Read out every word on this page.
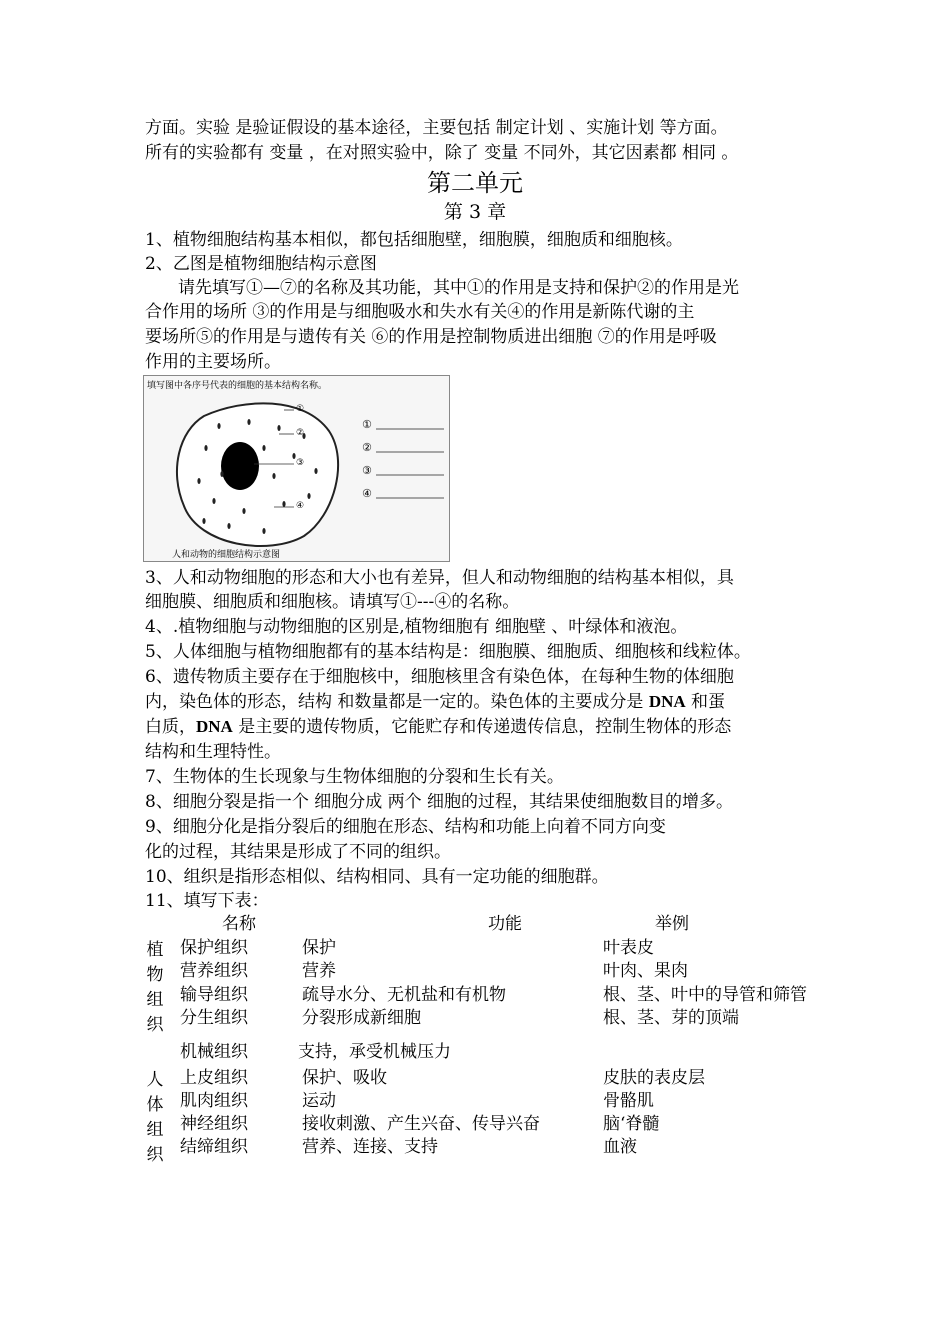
方面。实验 是验证假设的基本途径，主要包括 制定计划 、实施计划 等方面。
所有的实验都有 变量 ，在对照实验中，除了 变量 不同外，其它因素都 相同 。
第二单元
第 3 章
1、植物细胞结构基本相似，都包括细胞壁，细胞膜，细胞质和细胞核。
2、乙图是植物细胞结构示意图
请先填写①—⑦的名称及其功能，其中①的作用是支持和保护②的作用是光
合作用的场所 ③的作用是与细胞吸水和失水有关④的作用是新陈代谢的主
要场所⑤的作用是与遗传有关 ⑥的作用是控制物质进出细胞 ⑦的作用是呼吸
作用的主要场所。
填写图中各序号代表的细胞的基本结构名称。
①
②
③
④
①
②
③
④
人和动物的细胞结构示意图
3、人和动物细胞的形态和大小也有差异，但人和动物细胞的结构基本相似，具
细胞膜、细胞质和细胞核。请填写①---④的名称。
4、.植物细胞与动物细胞的区别是,植物细胞有 细胞壁 、叶绿体和液泡。
5、人体细胞与植物细胞都有的基本结构是：细胞膜、细胞质、细胞核和线粒体。
6、遗传物质主要存在于细胞核中，细胞核里含有染色体，在每种生物的体细胞
内，染色体的形态，结构 和数量都是一定的。染色体的主要成分是 DNA 和蛋
白质，DNA 是主要的遗传物质，它能贮存和传递遗传信息，控制生物体的形态
结构和生理特性。
7、生物体的生长现象与生物体细胞的分裂和生长有关。
8、细胞分裂是指一个 细胞分成 两个 细胞的过程，其结果使细胞数目的增多。
9、细胞分化是指分裂后的细胞在形态、结构和功能上向着不同方向变
化的过程，其结果是形成了不同的组织。
10、组织是指形态相似、结构相同、具有一定功能的细胞群。
11、填写下表：
名称	功能	举例
植物组织
保护组织	保护	叶表皮
营养组织	营养	叶肉、果肉
输导组织	疏导水分、无机盐和有机物	根、茎、叶中的导管和筛管
分生组织	分裂形成新细胞	根、茎、芽的顶端
机械组织	支持，承受机械压力
人体组织
上皮组织	保护、吸收	皮肤的表皮层
肌肉组织	运动	骨骼肌
神经组织	接收刺激、产生兴奋、传导兴奋	脑‘脊髓
结缔组织	营养、连接、支持	血液
